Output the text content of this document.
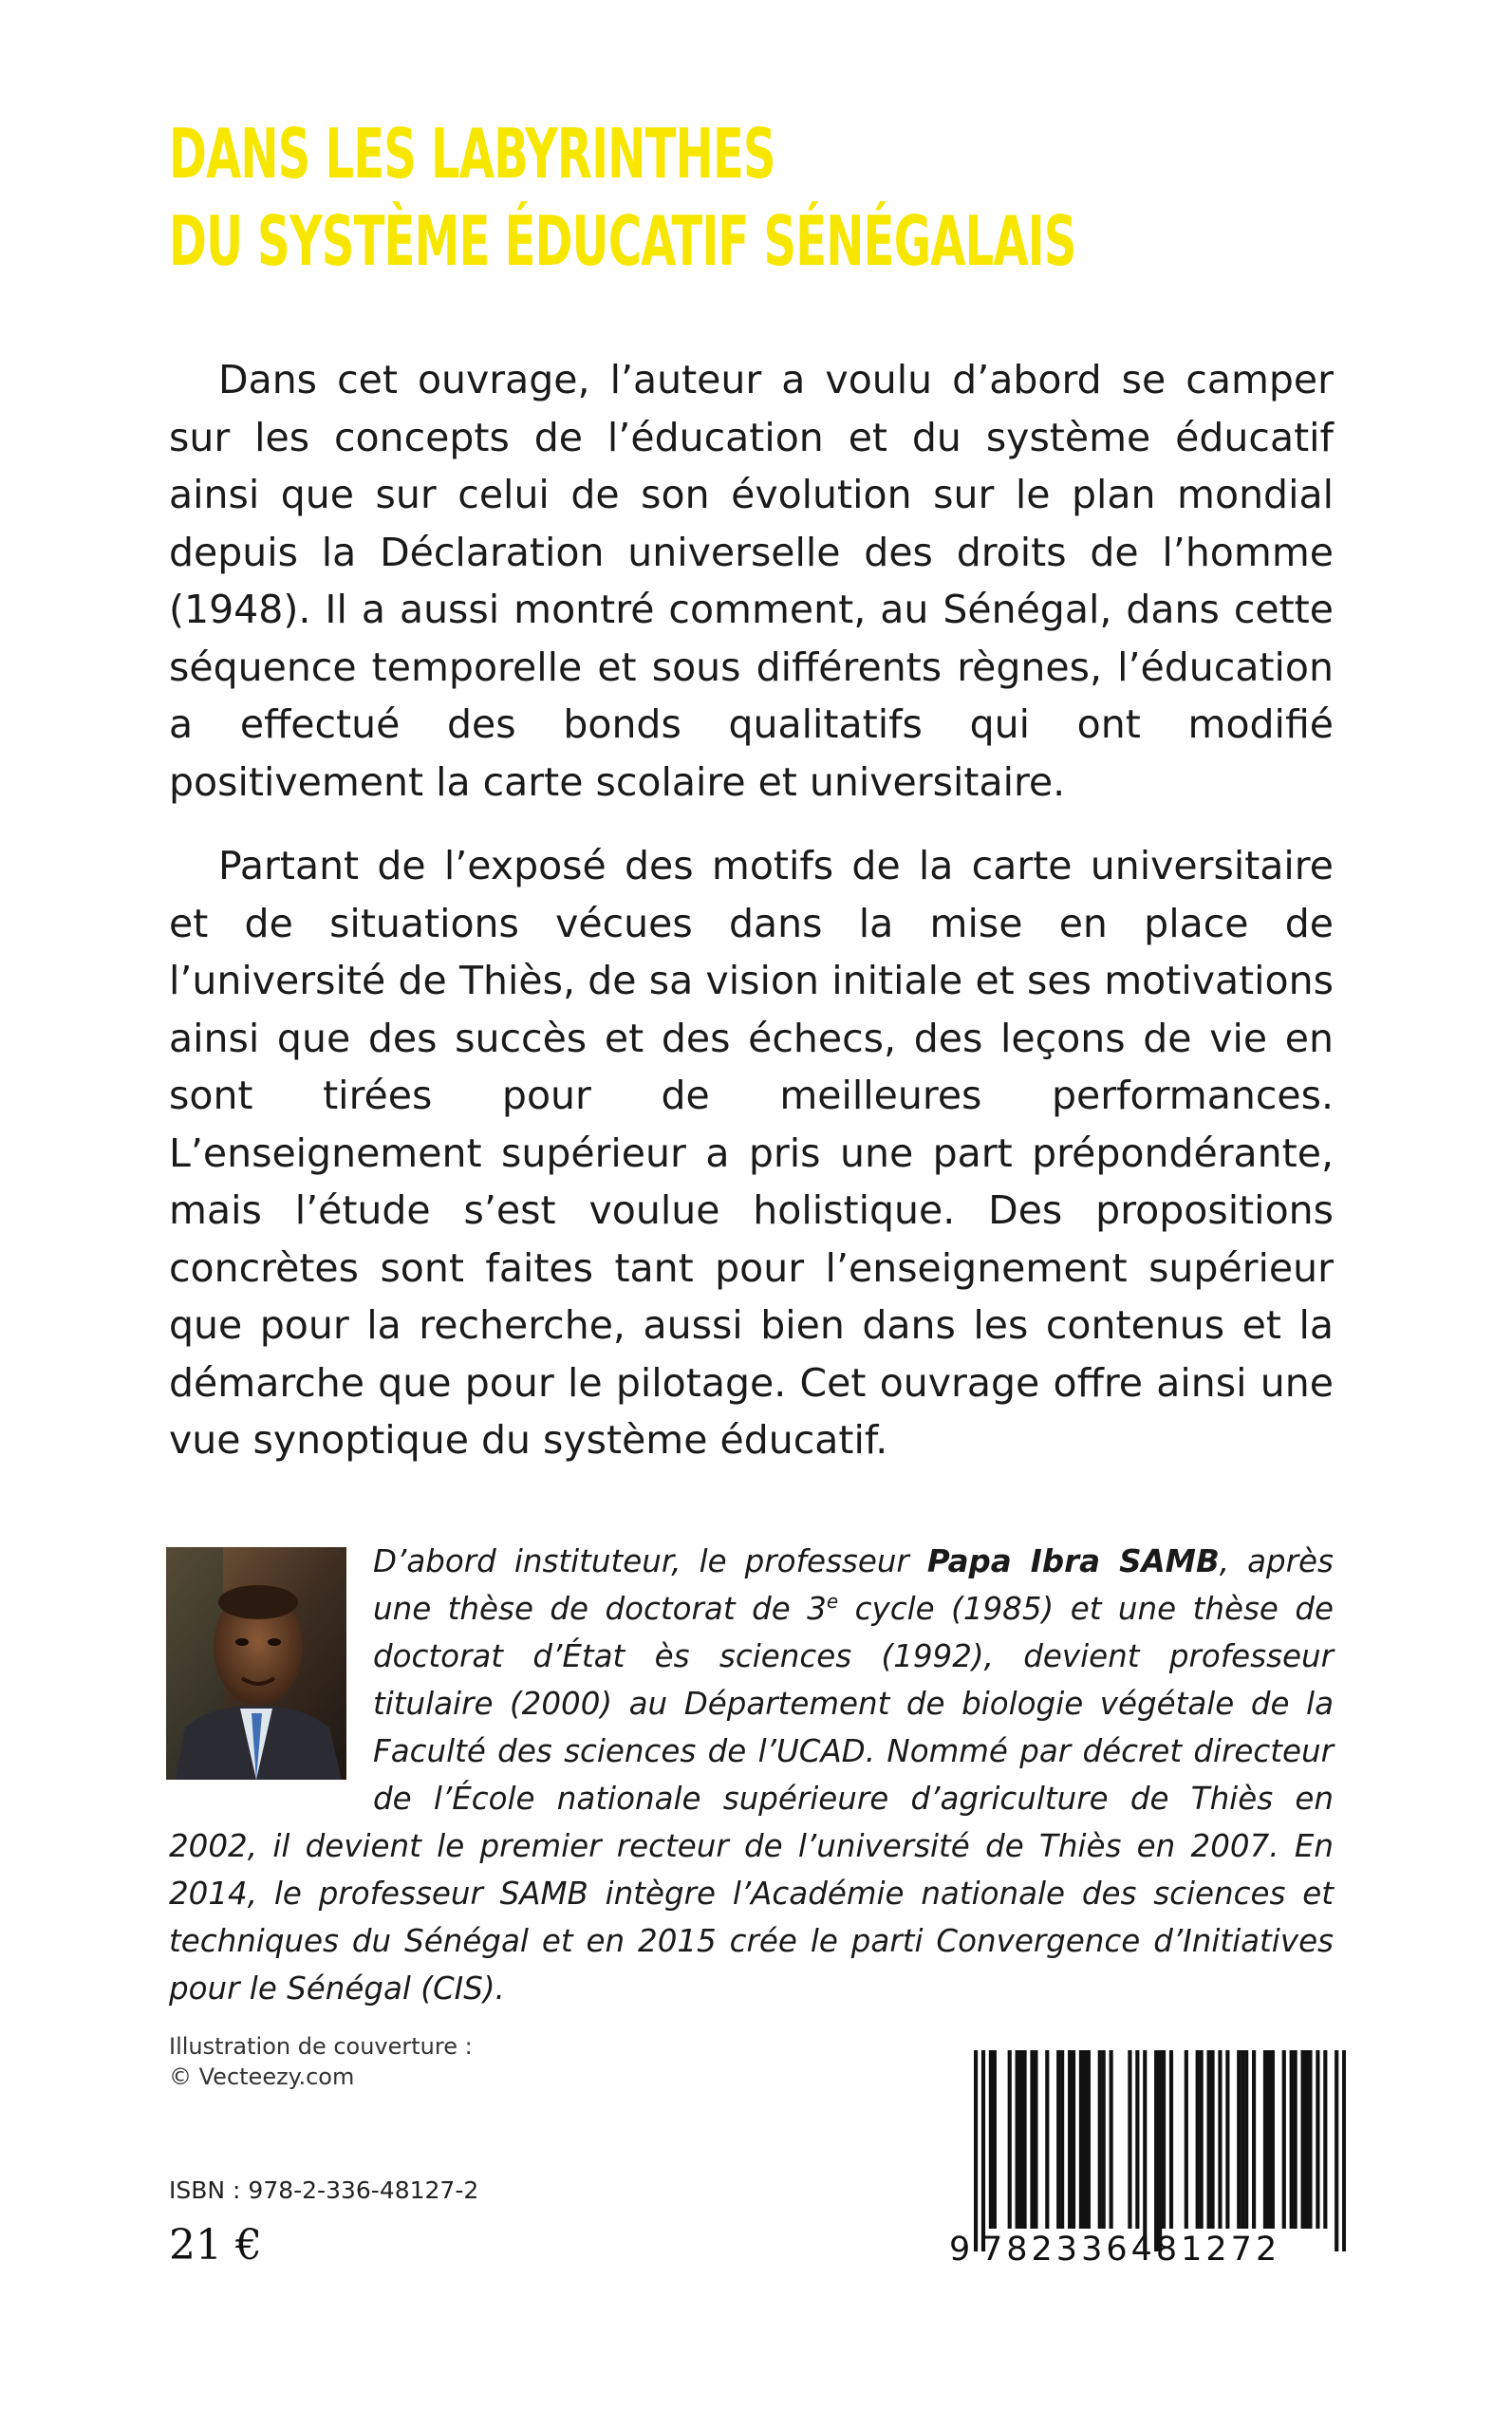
DANS LES LABYRINTHES
DU SYSTÈME ÉDUCATIF SÉNÉGALAIS

Dans cet ouvrage, l’auteur a voulu d’abord se camper sur les concepts de l’éducation et du système éducatif ainsi que sur celui de son évolution sur le plan mondial depuis la Déclaration universelle des droits de l’homme (1948). Il a aussi montré comment, au Sénégal, dans cette séquence temporelle et sous différents règnes, l’éducation a effectué des bonds qualitatifs qui ont modifié positivement la carte scolaire et universitaire.

Partant de l’exposé des motifs de la carte universitaire et de situations vécues dans la mise en place de l’université de Thiès, de sa vision initiale et ses motivations ainsi que des succès et des échecs, des leçons de vie en sont tirées pour de meilleures performances. L’enseignement supérieur a pris une part prépondérante, mais l’étude s’est voulue holistique. Des propositions concrètes sont faites tant pour l’enseignement supérieur que pour la recherche, aussi bien dans les contenus et la démarche que pour le pilotage. Cet ouvrage offre ainsi une vue synoptique du système éducatif.

D’abord instituteur, le professeur Papa Ibra SAMB, après une thèse de doctorat de 3e cycle (1985) et une thèse de doctorat d’État ès sciences (1992), devient professeur titulaire (2000) au Département de biologie végétale de la Faculté des sciences de l’UCAD. Nommé par décret directeur de l’École nationale supérieure d’agriculture de Thiès en 2002, il devient le premier recteur de l’université de Thiès en 2007. En 2014, le professeur SAMB intègre l’Académie nationale des sciences et techniques du Sénégal et en 2015 crée le parti Convergence d’Initiatives pour le Sénégal (CIS).
Illustration de couverture :
© Vecteezy.com
ISBN : 978-2-336-48127-2
21 €	9 782336481272
